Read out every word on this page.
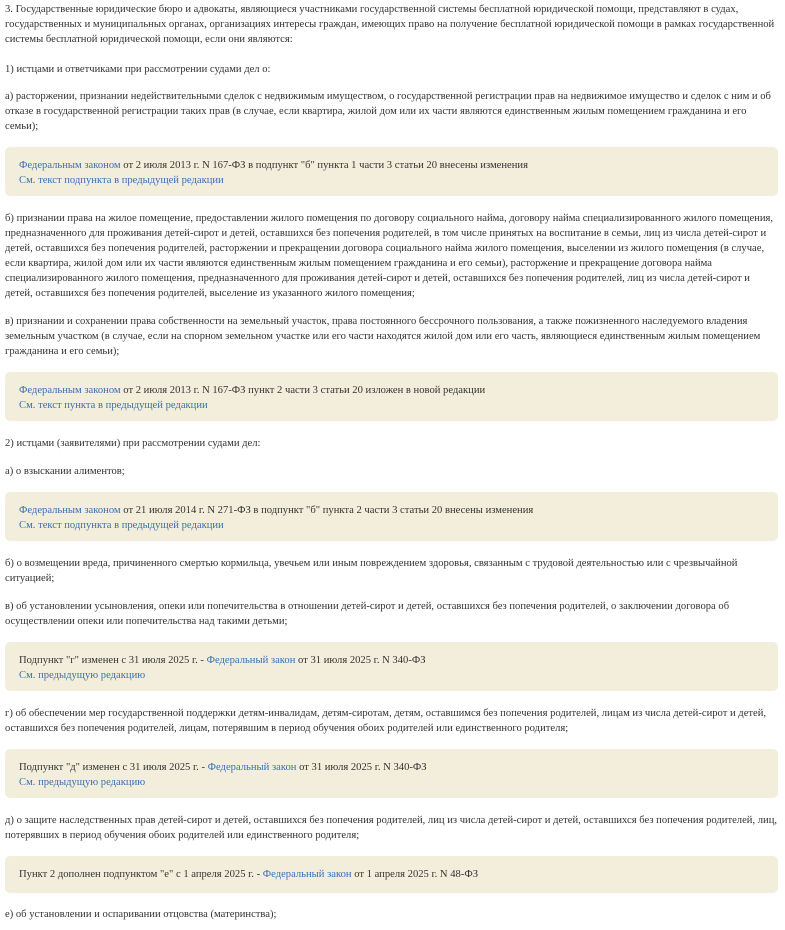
3. Государственные юридические бюро и адвокаты, являющиеся участниками государственной системы бесплатной юридической помощи, представляют в судах, государственных и муниципальных органах, организациях интересы граждан, имеющих право на получение бесплатной юридической помощи в рамках государственной системы бесплатной юридической помощи, если они являются:

1) истцами и ответчиками при рассмотрении судами дел о:

а) расторжении, признании недействительными сделок с недвижимым имуществом, о государственной регистрации прав на недвижимое имущество и сделок с ним и об отказе в государственной регистрации таких прав (в случае, если квартира, жилой дом или их части являются единственным жилым помещением гражданина и его семьи);

Федеральным законом от 2 июля 2013 г. N 167-ФЗ в подпункт "б" пункта 1 части 3 статьи 20 внесены изменения
См. текст подпункта в предыдущей редакции

б) признании права на жилое помещение, предоставлении жилого помещения по договору социального найма, договору найма специализированного жилого помещения, предназначенного для проживания детей-сирот и детей, оставшихся без попечения родителей, в том числе принятых на воспитание в семьи, лиц из числа детей-сирот и детей, оставшихся без попечения родителей, расторжении и прекращении договора социального найма жилого помещения, выселении из жилого помещения (в случае, если квартира, жилой дом или их части являются единственным жилым помещением гражданина и его семьи), расторжение и прекращение договора найма специализированного жилого помещения, предназначенного для проживания детей-сирот и детей, оставшихся без попечения родителей, лиц из числа детей-сирот и детей, оставшихся без попечения родителей, выселение из указанного жилого помещения;

в) признании и сохранении права собственности на земельный участок, права постоянного бессрочного пользования, а также пожизненного наследуемого владения земельным участком (в случае, если на спорном земельном участке или его части находятся жилой дом или его часть, являющиеся единственным жилым помещением гражданина и его семьи);

Федеральным законом от 2 июля 2013 г. N 167-ФЗ пункт 2 части 3 статьи 20 изложен в новой редакции
См. текст пункта в предыдущей редакции

2) истцами (заявителями) при рассмотрении судами дел:

а) о взыскании алиментов;

Федеральным законом от 21 июля 2014 г. N 271-ФЗ в подпункт "б" пункта 2 части 3 статьи 20 внесены изменения
См. текст подпункта в предыдущей редакции

б) о возмещении вреда, причиненного смертью кормильца, увечьем или иным повреждением здоровья, связанным с трудовой деятельностью или с чрезвычайной ситуацией;

в) об установлении усыновления, опеки или попечительства в отношении детей-сирот и детей, оставшихся без попечения родителей, о заключении договора об осуществлении опеки или попечительства над такими детьми;

Подпункт "г" изменен с 31 июля 2025 г. - Федеральный закон от 31 июля 2025 г. N 340-ФЗ
См. предыдущую редакцию

г) об обеспечении мер государственной поддержки детям-инвалидам, детям-сиротам, детям, оставшимся без попечения родителей, лицам из числа детей-сирот и детей, оставшихся без попечения родителей, лицам, потерявшим в период обучения обоих родителей или единственного родителя;

Подпункт "д" изменен с 31 июля 2025 г. - Федеральный закон от 31 июля 2025 г. N 340-ФЗ
См. предыдущую редакцию

д) о защите наследственных прав детей-сирот и детей, оставшихся без попечения родителей, лиц из числа детей-сирот и детей, оставшихся без попечения родителей, лиц, потерявших в период обучения обоих родителей или единственного родителя;

Пункт 2 дополнен подпунктом "е" с 1 апреля 2025 г. - Федеральный закон от 1 апреля 2025 г. N 48-ФЗ

е) об установлении и оспаривании отцовства (материнства);
